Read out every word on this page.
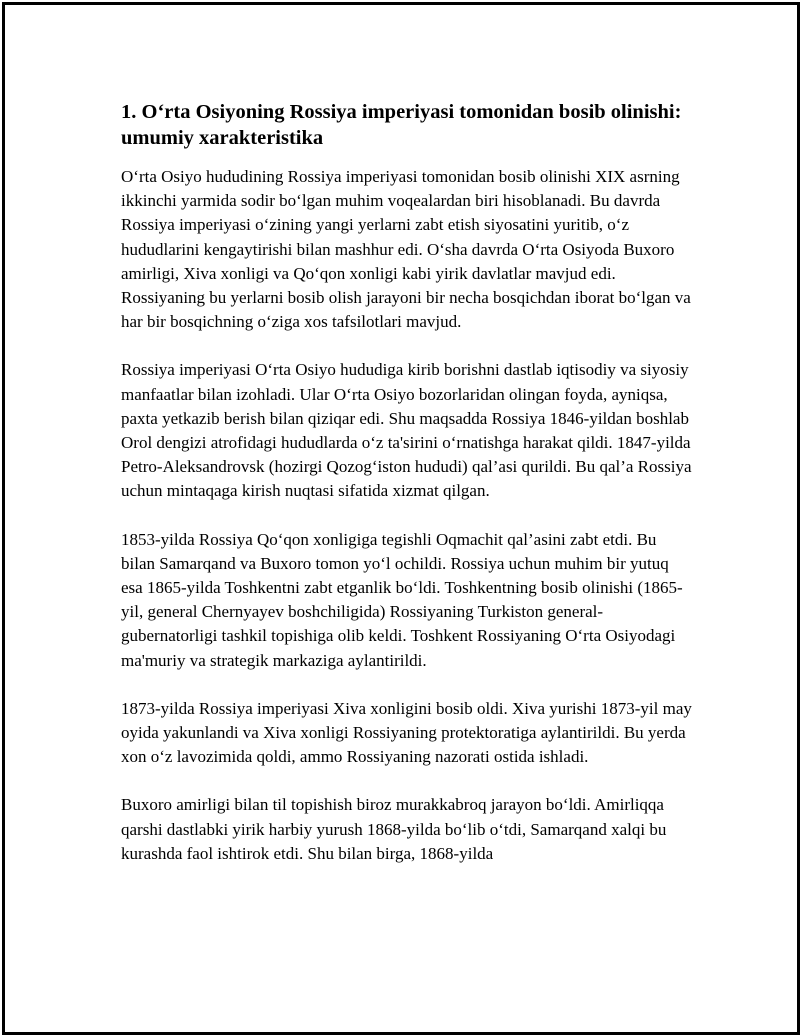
1. O‘rta Osiyoning Rossiya imperiyasi tomonidan bosib olinishi: umumiy xarakteristika

O‘rta Osiyo hududining Rossiya imperiyasi tomonidan bosib olinishi XIX asrning ikkinchi yarmida sodir bo‘lgan muhim voqealardan biri hisoblanadi. Bu davrda Rossiya imperiyasi o‘zining yangi yerlarni zabt etish siyosatini yuritib, o‘z hududlarini kengaytirishi bilan mashhur edi. O‘sha davrda O‘rta Osiyoda Buxoro amirligi, Xiva xonligi va Qo‘qon xonligi kabi yirik davlatlar mavjud edi. Rossiyaning bu yerlarni bosib olish jarayoni bir necha bosqichdan iborat bo‘lgan va har bir bosqichning o‘ziga xos tafsilotlari mavjud.

Rossiya imperiyasi O‘rta Osiyo hududiga kirib borishni dastlab iqtisodiy va siyosiy manfaatlar bilan izohladi. Ular O‘rta Osiyo bozorlaridan olingan foyda, ayniqsa, paxta yetkazib berish bilan qiziqar edi. Shu maqsadda Rossiya 1846-yildan boshlab Orol dengizi atrofidagi hududlarda o‘z ta'sirini o‘rnatishga harakat qildi. 1847-yilda Petro-Aleksandrovsk (hozirgi Qozog‘iston hududi) qal’asi qurildi. Bu qal’a Rossiya uchun mintaqaga kirish nuqtasi sifatida xizmat qilgan.

1853-yilda Rossiya Qo‘qon xonligiga tegishli Oqmachit qal’asini zabt etdi. Bu bilan Samarqand va Buxoro tomon yo‘l ochildi. Rossiya uchun muhim bir yutuq esa 1865-yilda Toshkentni zabt etganlik bo‘ldi. Toshkentning bosib olinishi (1865-yil, general Chernyayev boshchiligida) Rossiyaning Turkiston general-gubernatorligi tashkil topishiga olib keldi. Toshkent Rossiyaning O‘rta Osiyodagi ma'muriy va strategik markaziga aylantirildi.

1873-yilda Rossiya imperiyasi Xiva xonligini bosib oldi. Xiva yurishi 1873-yil may oyida yakunlandi va Xiva xonligi Rossiyaning protektoratiga aylantirildi. Bu yerda xon o‘z lavozimida qoldi, ammo Rossiyaning nazorati ostida ishladi.

Buxoro amirligi bilan til topishish biroz murakkabroq jarayon bo‘ldi. Amirliqqa qarshi dastlabki yirik harbiy yurush 1868-yilda bo‘lib o‘tdi, Samarqand xalqi bu kurashda faol ishtirok etdi. Shu bilan birga, 1868-yilda
